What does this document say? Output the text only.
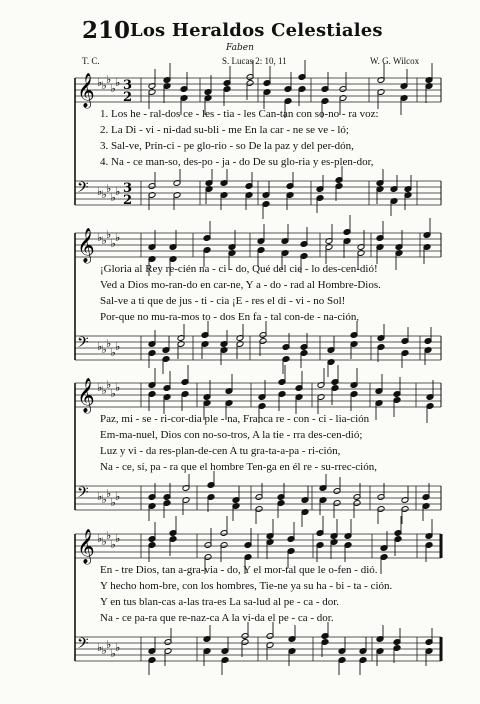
210 Los Heraldos Celestiales
Faben
T. C.	S. Lucas 2: 10, 11	W. G. Wilcox
𝄞 ♭ ♭ ♭
♭ ♭
𝄢 ♭ ♭ ♭
♭ ♭
3
2
3
2
1. Los he - ral-dos ce - les - tia - les Can-tan con so-no - ra voz:
2. La Di - vi - ni-dad su-bli - me En la car - ne se ve - ló;
3. Sal-ve, Prín-ci - pe glo-rio - so De la paz y del per-dón,
4. Na - ce man-so, des-po - ja - do De su glo-ria y es-plen-dor,
𝄞 ♭ ♭ ♭
♭ ♭
𝄢 ♭ ♭ ♭
♭ ♭
¡Gloria al Rey re-cién na - ci - do, Qué del cie - lo des-cen-dió!
Ved a Dios mo-ran-do en car-ne, Y a - do - rad al Hombre-Dios.
Sal-ve a ti que de jus - ti - cia ¡E - res el di - vi - no Sol!
Por-que no mu-ra-mos to - dos En fa - tal con-de - na-ción,
𝄞 ♭ ♭ ♭
♭ ♭
𝄢 ♭ ♭ ♭
♭ ♭
Paz, mi - se - ri-cor-dia ple - na, Franca re - con - ci - lia-ción
Em-ma-nuel, Dios con no-so-tros, A la tie - rra des-cen-dió;
Luz y vi - da res-plan-de-cen A tu gra-ta-a-pa - ri-ción,
Na - ce, sí, pa - ra que el hombre Ten-ga en él re - su-rrec-ción,
𝄞 ♭ ♭ ♭
♭ ♭
𝄢 ♭ ♭ ♭
♭ ♭
En - tre Dios, tan a-gra-via - do, Y el mor-tal que le o-fen - dió.
Y hecho hom-bre, con los hombres, Tie-ne ya su ha - bi - ta - ción.
Y en tus blan-cas a-las tra-es La sa-lud al pe - ca - dor.
Na - ce pa-ra que re-naz-ca A la vi-da el pe - ca - dor.
